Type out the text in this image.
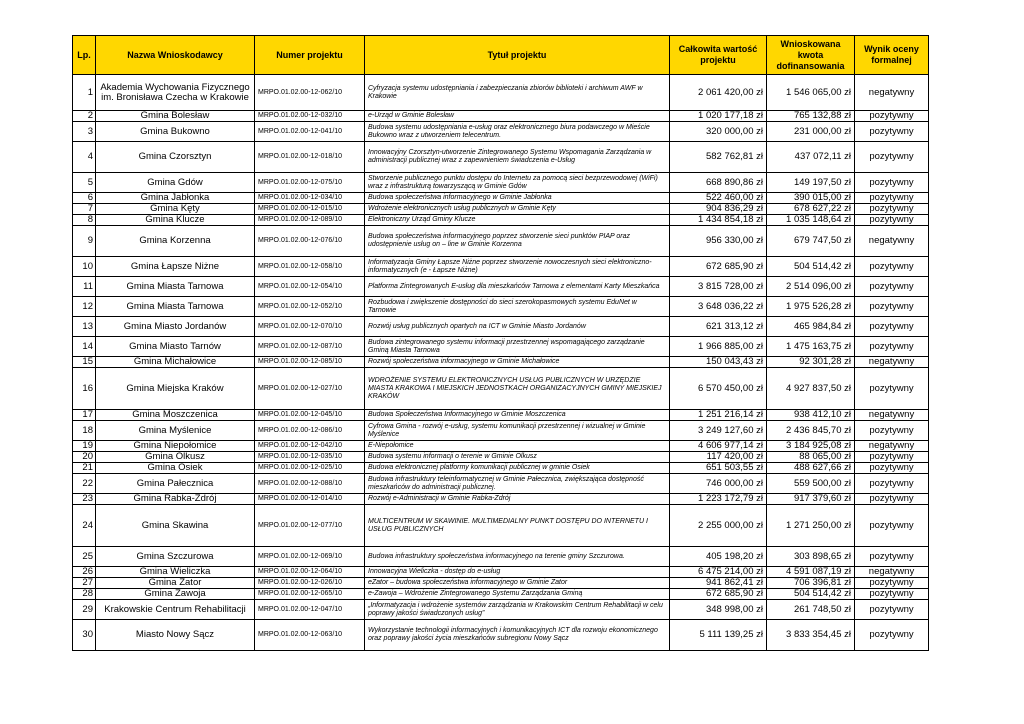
Lp.	Nazwa Wnioskodawcy	Numer projektu	Tytuł projektu	Całkowita wartość projektu	Wnioskowana kwota dofinansowania	Wynik oceny formalnej
1	Akademia Wychowania Fizycznego im. Bronisława Czecha w Krakowie	MRPO.01.02.00-12-062/10	Cyfryzacja systemu udostępniania i zabezpieczania zbiorów biblioteki i archiwum AWF w Krakowie	2 061 420,00 zł	1 546 065,00 zł	negatywny
2	Gmina Bolesław	MRPO.01.02.00-12-032/10	e-Urząd w Gminie Bolesław	1 020 177,18 zł	765 132,88 zł	pozytywny
3	Gmina Bukowno	MRPO.01.02.00-12-041/10	Budowa systemu udostępniania e-usług oraz elektronicznego biura podawczego w Mieście Bukowno wraz z utworzeniem telecentrum.	320 000,00 zł	231 000,00 zł	pozytywny
4	Gmina Czorsztyn	MRPO.01.02.00-12-018/10	Innowacyjny Czorsztyn-utworzenie Zintegrowanego Systemu Wspomagania Zarządzania w administracji publicznej wraz z zapewnieniem świadczenia e-Usług	582 762,81 zł	437 072,11 zł	pozytywny
5	Gmina Gdów	MRPO.01.02.00-12-075/10	Stworzenie publicznego punktu dostępu do Internetu za pomocą sieci bezprzewodowej (WiFi) wraz z infrastrukturą towarzyszącą w Gminie Gdów	668 890,86 zł	149 197,50 zł	pozytywny
6	Gmina Jabłonka	MRPO.01.02.00-12-034/10	Budowa społeczeństwa informacyjnego w Gminie Jabłonka	522 460,00 zł	390 015,00 zł	pozytywny
7	Gmina Kęty	MRPO.01.02.00-12-015/10	Wdrożenie elektronicznych usług publicznych w Gminie Kęty	904 836,29 zł	678 627,22 zł	pozytywny
8	Gmina Klucze	MRPO.01.02.00-12-089/10	Elektroniczny Urząd Gminy Klucze	1 434 854,18 zł	1 035 148,64 zł	pozytywny
9	Gmina Korzenna	MRPO.01.02.00-12-076/10	Budowa społeczeństwa informacyjnego poprzez stworzenie sieci punktów PIAP oraz udostępnienie usług on – line w Gminie Korzenna	956 330,00 zł	679 747,50 zł	negatywny
10	Gmina Łapsze Niżne	MRPO.01.02.00-12-058/10	Informatyzacja Gminy Łapsze Niżne poprzez stworzenie nowoczesnych sieci elektroniczno-informatycznych (e - Łapsze Niżne)	672 685,90 zł	504 514,42 zł	pozytywny
11	Gmina Miasta Tarnowa	MRPO.01.02.00-12-054/10	Platforma Zintegrowanych E-usług dla mieszkańców Tarnowa z elementami Karty Mieszkańca	3 815 728,00 zł	2 514 096,00 zł	pozytywny
12	Gmina Miasta Tarnowa	MRPO.01.02.00-12-052/10	Rozbudowa i zwiększenie dostępności do sieci szerokopasmowych systemu EduNet w Tarnowie	3 648 036,22 zł	1 975 526,28 zł	pozytywny
13	Gmina Miasto Jordanów	MRPO.01.02.00-12-070/10	Rozwój usług publicznych opartych na ICT w Gminie Miasto Jordanów	621 313,12 zł	465 984,84 zł	pozytywny
14	Gmina Miasto Tarnów	MRPO.01.02.00-12-087/10	Budowa zintegrowanego systemu informacji przestrzennej wspomagającego zarządzanie Gminą Miasta Tarnowa	1 966 885,00 zł	1 475 163,75 zł	pozytywny
15	Gmina Michałowice	MRPO.01.02.00-12-085/10	Rozwój społeczeństwa informacyjnego w Gminie Michałowice	150 043,43 zł	92 301,28 zł	negatywny
16	Gmina Miejska Kraków	MRPO.01.02.00-12-027/10	WDROŻENIE SYSTEMU ELEKTRONICZNYCH USŁUG PUBLICZNYCH W URZĘDZIE MIASTA KRAKOWA I MIEJSKICH JEDNOSTKACH ORGANIZACYJNYCH GMINY MIEJSKIEJ KRAKÓW	6 570 450,00 zł	4 927 837,50 zł	pozytywny
17	Gmina Moszczenica	MRPO.01.02.00-12-045/10	Budowa Społeczeństwa Informacyjnego w Gminie Moszczenica	1 251 216,14 zł	938 412,10 zł	negatywny
18	Gmina Myślenice	MRPO.01.02.00-12-086/10	Cyfrowa Gmina - rozwój e-usług, systemu komunikacji przestrzennej i wizualnej w Gminie Myślenice	3 249 127,60 zł	2 436 845,70 zł	pozytywny
19	Gmina Niepołomice	MRPO.01.02.00-12-042/10	E-Niepołomice	4 606 977,14 zł	3 184 925,08 zł	negatywny
20	Gmina Olkusz	MRPO.01.02.00-12-035/10	Budowa systemu informacji o terenie w Gminie Olkusz	117 420,00 zł	88 065,00 zł	pozytywny
21	Gmina Osiek	MRPO.01.02.00-12-025/10	Budowa elektronicznej platformy komunikacji publicznej w gminie Osiek	651 503,55 zł	488 627,66 zł	pozytywny
22	Gmina Pałecznica	MRPO.01.02.00-12-088/10	Budowa infrastruktury teleinformatycznej w Gminie Pałecznica, zwiększająca dostępność mieszkańców do administracji publicznej.	746 000,00 zł	559 500,00 zł	pozytywny
23	Gmina Rabka-Zdrój	MRPO.01.02.00-12-014/10	Rozwój e-Administracji w Gminie Rabka-Zdrój	1 223 172,79 zł	917 379,60 zł	pozytywny
24	Gmina Skawina	MRPO.01.02.00-12-077/10	MULTICENTRUM W SKAWINIE. MULTIMEDIALNY PUNKT DOSTĘPU DO INTERNETU I USŁUG PUBLICZNYCH	2 255 000,00 zł	1 271 250,00 zł	pozytywny
25	Gmina Szczurowa	MRPO.01.02.00-12-069/10	Budowa infrastruktury społeczeństwa informacyjnego na terenie gminy Szczurowa.	405 198,20 zł	303 898,65 zł	pozytywny
26	Gmina Wieliczka	MRPO.01.02.00-12-064/10	Innowacyjna Wieliczka - dostęp do e-usług	6 475 214,00 zł	4 591 087,19 zł	negatywny
27	Gmina Zator	MRPO.01.02.00-12-026/10	eZator – budowa społeczeństwa informacyjnego w Gminie Zator	941 862,41 zł	706 396,81 zł	pozytywny
28	Gmina Zawoja	MRPO.01.02.00-12-065/10	e-Zawoja – Wdrożenie Zintegrowanego Systemu Zarządzania Gminą	672 685,90 zł	504 514,42 zł	pozytywny
29	Krakowskie Centrum Rehabilitacji	MRPO.01.02.00-12-047/10	„Informatyzacja i wdrożenie systemów zarządzania w Krakowskim Centrum Rehabilitacji w celu poprawy jakości świadczonych usług”	348 998,00 zł	261 748,50 zł	pozytywny
30	Miasto Nowy Sącz	MRPO.01.02.00-12-063/10	Wykorzystanie technologii informacyjnych i komunikacyjnych ICT dla rozwoju ekonomicznego oraz poprawy jakości życia mieszkańców subregionu Nowy Sącz	5 111 139,25 zł	3 833 354,45 zł	pozytywny
